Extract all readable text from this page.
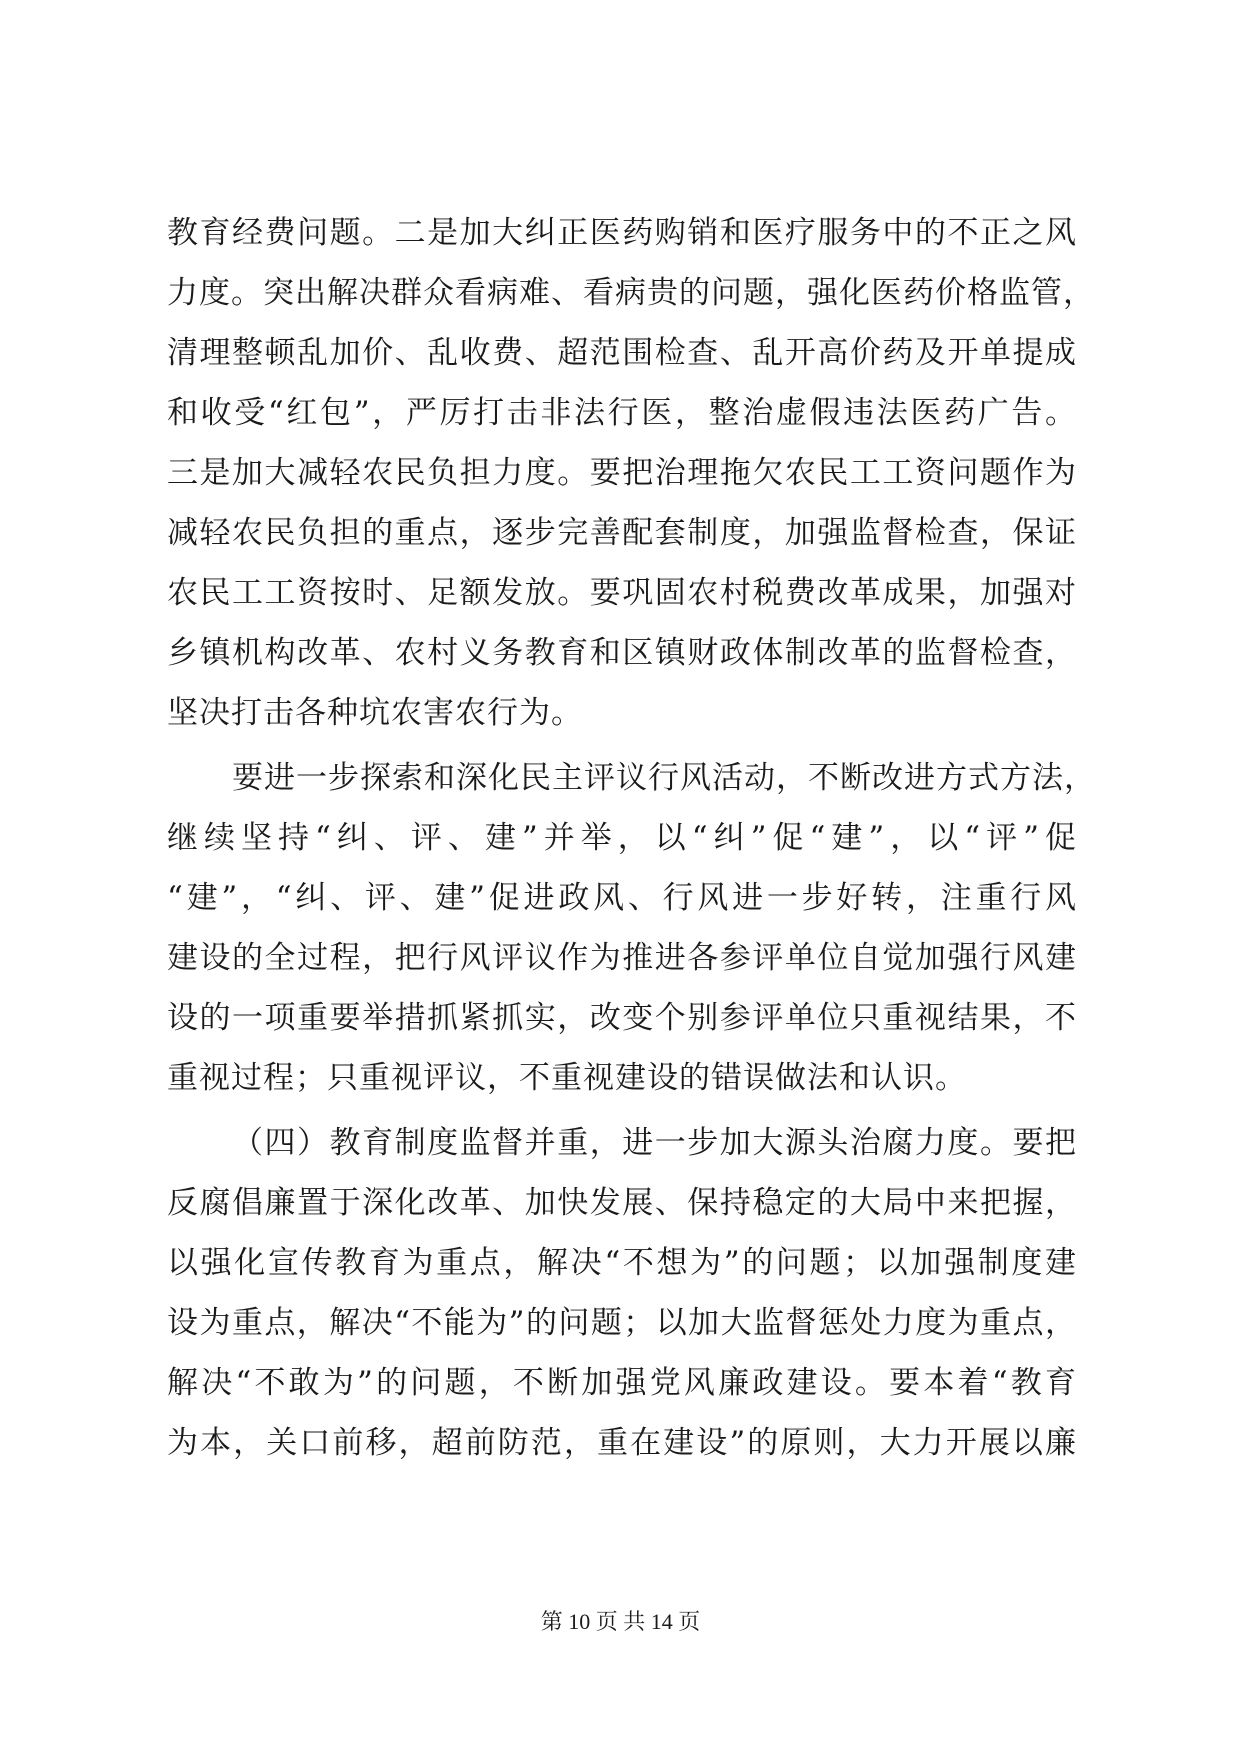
教育经费问题。二是加大纠正医药购销和医疗服务中的不正之风
力度。突出解决群众看病难、看病贵的问题，强化医药价格监管，
清理整顿乱加价、乱收费、超范围检查、乱开高价药及开单提成
和收受“红包”，严厉打击非法行医，整治虚假违法医药广告。
三是加大减轻农民负担力度。要把治理拖欠农民工工资问题作为
减轻农民负担的重点，逐步完善配套制度，加强监督检查，保证
农民工工资按时、足额发放。要巩固农村税费改革成果，加强对
乡镇机构改革、农村义务教育和区镇财政体制改革的监督检查，
坚决打击各种坑农害农行为。
要进一步探索和深化民主评议行风活动，不断改进方式方法，
继续坚持“纠、评、建”并举，以“纠”促“建”，以“评”促
“建”，“纠、评、建”促进政风、行风进一步好转，注重行风
建设的全过程，把行风评议作为推进各参评单位自觉加强行风建
设的一项重要举措抓紧抓实，改变个别参评单位只重视结果，不
重视过程；只重视评议，不重视建设的错误做法和认识。
（四）教育制度监督并重，进一步加大源头治腐力度。要把
反腐倡廉置于深化改革、加快发展、保持稳定的大局中来把握，
以强化宣传教育为重点，解决“不想为”的问题；以加强制度建
设为重点，解决“不能为”的问题；以加大监督惩处力度为重点，
解决“不敢为”的问题，不断加强党风廉政建设。要本着“教育
为本，关口前移，超前防范，重在建设”的原则，大力开展以廉
第 10 页 共 14 页
